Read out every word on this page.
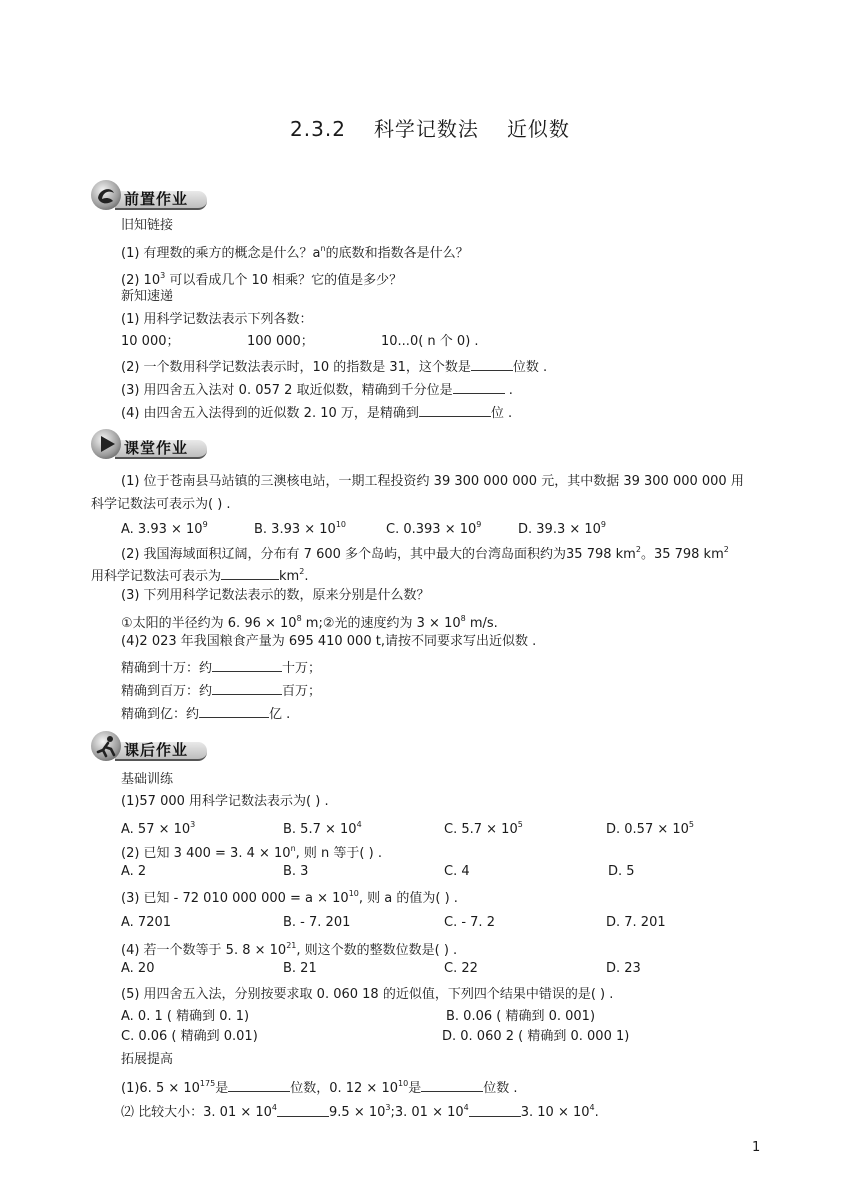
2.3.2 科学记数法 近似数
前置作业
旧知链接
(1) 有理数的乘方的概念是什么？$a^n$的底数和指数各是什么？
(2) $10^3$ 可以看成几个 10 相乘？它的值是多少？
新知速递
(1) 用科学记数法表示下列各数：
10 000；	100 000；	10...0( n 个 0) .
(2) 一个数用科学记数法表示时，10 的指数是 31，这个数是	位数 .
(3) 用四舍五入法对 0. 057 2 取近似数，精确到千分位是	.
(4) 由四舍五入法得到的近似数 2. 10 万，是精确到	位 .
课堂作业
(1) 位于苍南县马站镇的三澳核电站，一期工程投资约 39 300 000 000 元，其中数据 39 300 000 000 用
科学记数法可表示为( ) .
A. $3.93 \times 10^9$	B. $3.93 \times 10^{10}$	C. $0.393 \times 10^9$	D. $39.3 \times 10^9$
(2) 我国海域面积辽阔，分布有 7 600 多个岛屿，其中最大的台湾岛面积约为35 798 $km^2$。35 798 $km^2$
用科学记数法可表示为	$km^2$.
(3) 下列用科学记数法表示的数，原来分别是什么数？
①太阳的半径约为 6. $96 \times 10^8$ m;②光的速度约为 $3 \times 10^8$ m/s.
(4)2 023 年我国粮食产量为 695 410 000 t,请按不同要求写出近似数 .
精确到十万：约	十万；
精确到百万：约	百万；
精确到亿：约	亿 .
课后作业
基础训练
(1)57 000 用科学记数法表示为( ) .
A. $57 \times 10^3$	B. $5.7 \times 10^4$	C. $5.7 \times 10^5$	D. $0.57 \times 10^5$
(2) 已知 3 400 = 3. $4 \times 10^n$, 则 n 等于( ) .
A. 2	B. 3	C. 4	D. 5
(3) 已知 - 72 010 000 $000 = a \times 10^{10}$, 则 a 的值为( ) .
A. 7201	B. - 7. 201	C. - 7. 2	D. 7. 201
(4) 若一个数等于 5. $8 \times 10^{21}$, 则这个数的整数位数是( ) .
A. 20	B. 21	C. 22	D. 23
(5) 用四舍五入法，分别按要求取 0. 060 18 的近似值，下列四个结果中错误的是( ) .
A. 0. 1 ( 精确到 0. 1)	B. 0.06 ( 精确到 0. 001)
C. 0.06 ( 精确到 0.01)	D. 0. 060 2 ( 精确到 0. 000 1)
拓展提高
(1)6. $5 \times 10^{175}$是	位数，0. $12 \times 10^{10}$是	位数 .
⑵ 比较大小：3. $01 \times 10^4$	$9.5 \times 10^3;3$. $01 \times 10^4$	3. $10 \times 10^4$.
1
